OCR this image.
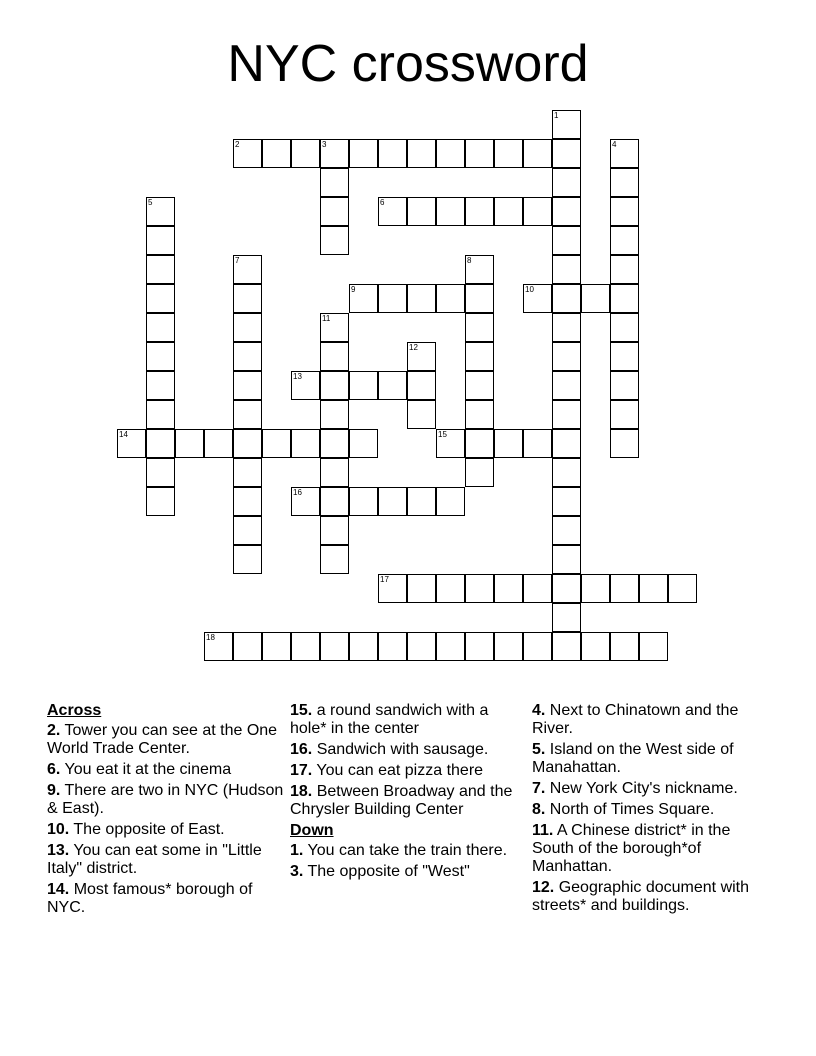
NYC crossword
1
2	3	4
5	6
7	8
9	10
11
12
13
14	15
16
17
18
Across
2. Tower you can see at the One World Trade Center.
6. You eat it at the cinema
9. There are two in NYC (Hudson & East).
10. The opposite of East.
13. You can eat some in "Little Italy" district.
14. Most famous* borough of NYC.
15. a round sandwich with a hole* in the center
16. Sandwich with sausage.
17. You can eat pizza there
18. Between Broadway and the Chrysler Building Center
Down
1. You can take the train there.
3. The opposite of "West"
4. Next to Chinatown and the River.
5. Island on the West side of Manahattan.
7. New York City's nickname.
8. North of Times Square.
11. A Chinese district* in the South of the borough*of Manhattan.
12. Geographic document with streets* and buildings.
